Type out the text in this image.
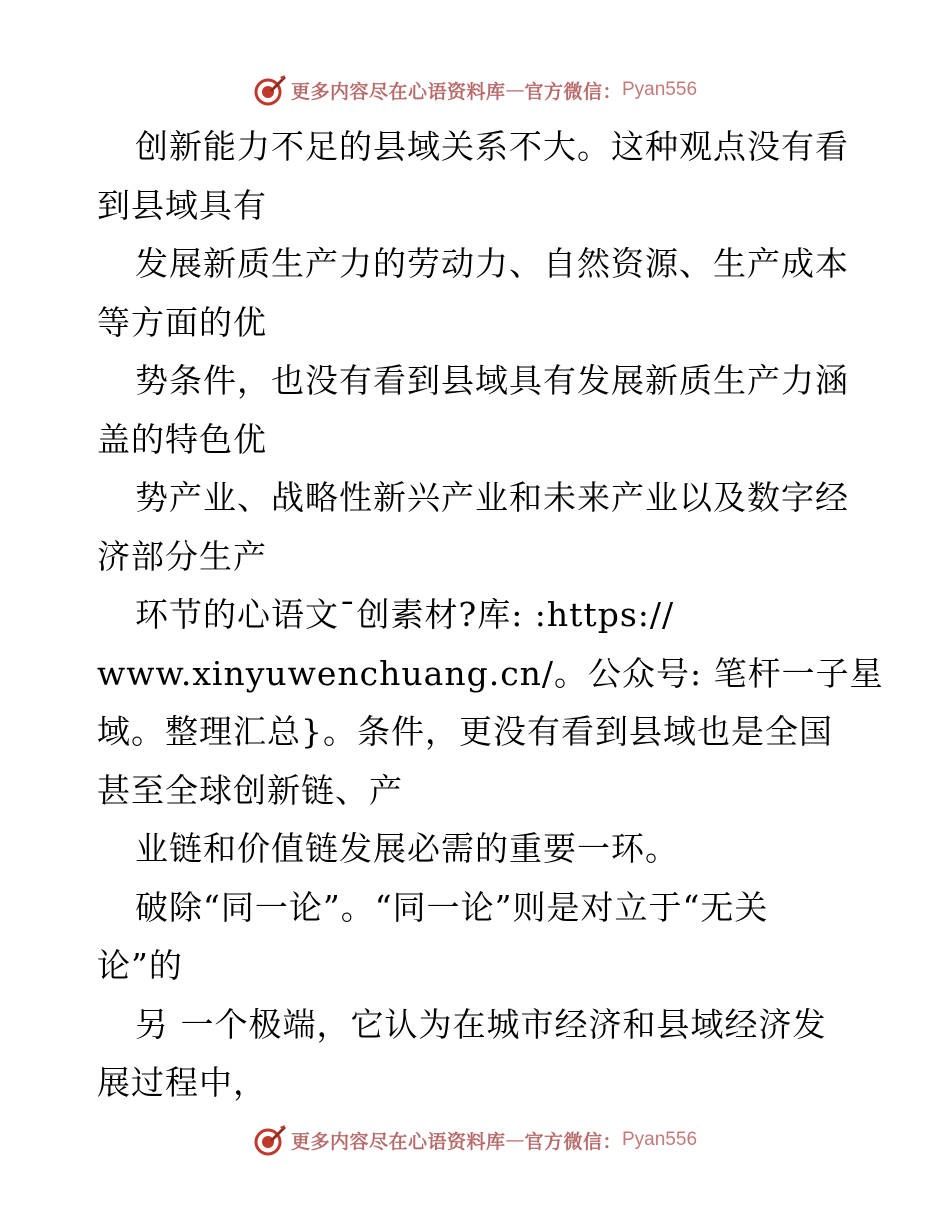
更多内容尽在心语资料库 — 官方微信： Pyan556
创新能力不足的县域关系不大。这种观点没有看
到县域具有
发展新质生产力的劳动力、自然资源、生产成本
等方面的优
势条件，也没有看到县域具有发展新质生产力涵
盖的特色优
势产业、战略性新兴产业和未来产业以及数字经
济部分生产
环节的心语文¯创素材?库: :https://
www.xinyuwenchuang.cn/。公众号: 笔杆一子星
域。整理汇总}。条件，更没有看到县域也是全国
甚至全球创新链、产
业链和价值链发展必需的重要一环。
破除“同一论”。“同一论”则是对立于“无关
论”的
另 一个极端，它认为在城市经济和县域经济发
展过程中，
更多内容尽在心语资料库 — 官方微信： Pyan556
